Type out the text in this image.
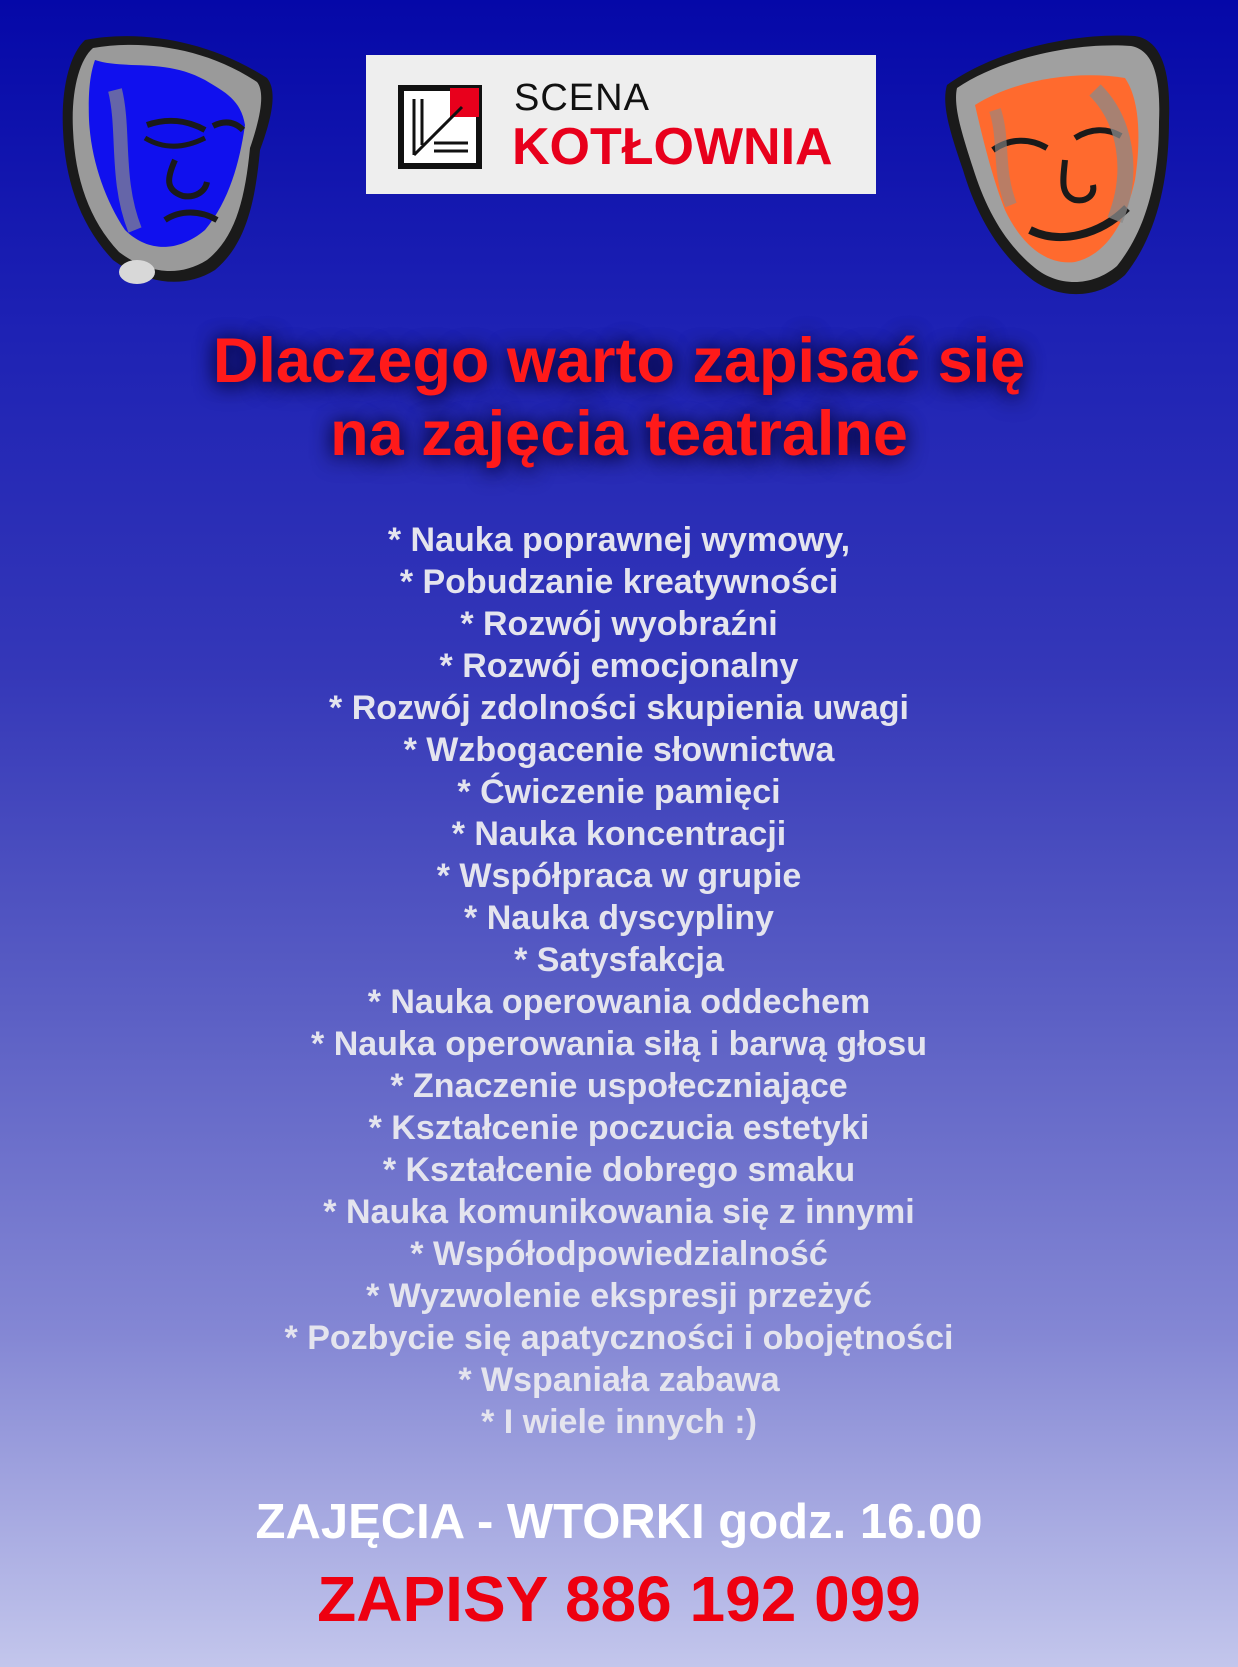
SCENA
KOTŁOWNIA
Dlaczego warto zapisać się
na zajęcia teatralne
* Nauka poprawnej wymowy,
* Pobudzanie kreatywności
* Rozwój wyobraźni
* Rozwój emocjonalny
* Rozwój zdolności skupienia uwagi
* Wzbogacenie słownictwa
* Ćwiczenie pamięci
* Nauka koncentracji
* Współpraca w grupie
* Nauka dyscypliny
* Satysfakcja
* Nauka operowania oddechem
* Nauka operowania siłą i barwą głosu
* Znaczenie uspołeczniające
* Kształcenie poczucia estetyki
* Kształcenie dobrego smaku
* Nauka komunikowania się z innymi
* Współodpowiedzialność
* Wyzwolenie ekspresji przeżyć
* Pozbycie się apatyczności i obojętności
* Wspaniała zabawa
* I wiele innych :)
ZAJĘCIA - WTORKI godz. 16.00
ZAPISY 886 192 099
